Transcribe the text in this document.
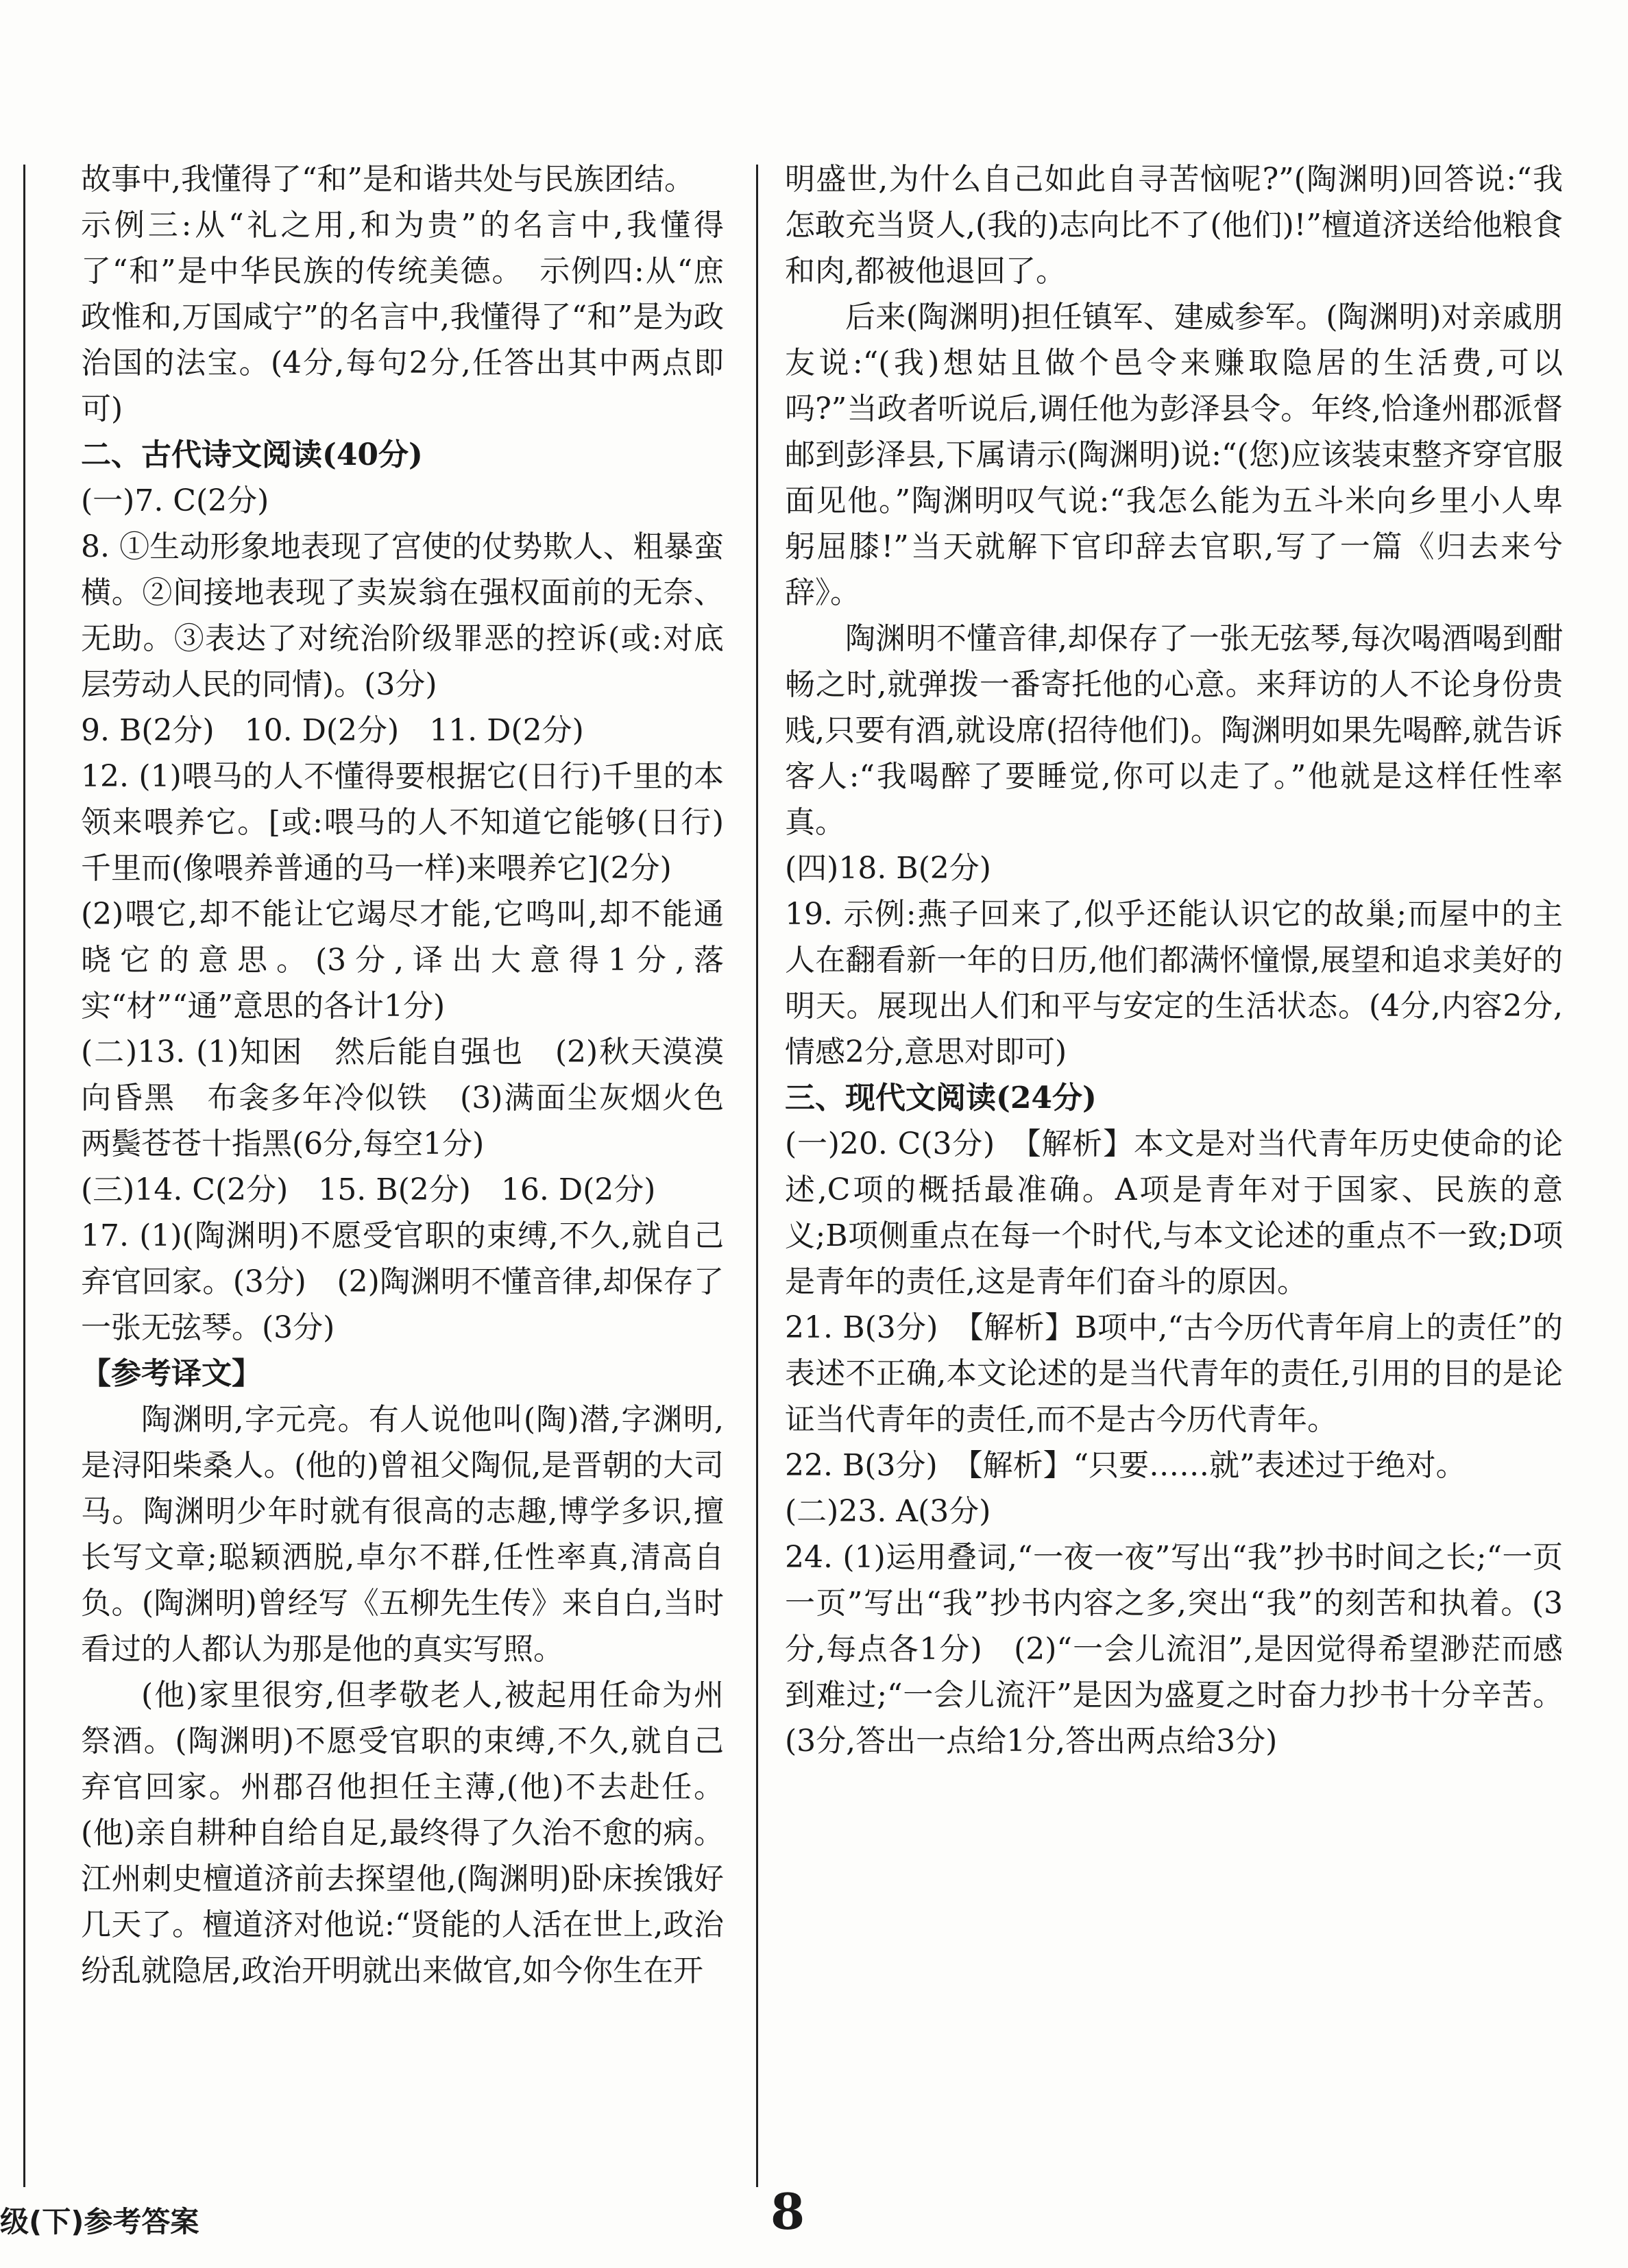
故事中,我懂得了“和”是和谐共处与民族团结。

示例三:从“礼之用,和为贵”的名言中,我懂得了“和”是中华民族的传统美德。　示例四:从“庶政惟和,万国咸宁”的名言中,我懂得了“和”是为政治国的法宝。(4分,每句2分,任答出其中两点即可)

二、古代诗文阅读(40分)

(一)7. C(2分)

8. ①生动形象地表现了宫使的仗势欺人、粗暴蛮横。②间接地表现了卖炭翁在强权面前的无奈、无助。③表达了对统治阶级罪恶的控诉(或:对底层劳动人民的同情)。(3分)

9. B(2分)　10. D(2分)　11. D(2分)

12. (1)喂马的人不懂得要根据它(日行)千里的本领来喂养它。[或:喂马的人不知道它能够(日行)千里而(像喂养普通的马一样)来喂养它](2分)

(2)喂它,却不能让它竭尽才能,它鸣叫,却不能通晓它的意思。(3分,译出大意得1分,落实“材”“通”意思的各计1分)

(二)13. (1)知困　然后能自强也　(2)秋天漠漠向昏黑　布衾多年冷似铁　(3)满面尘灰烟火色　两鬓苍苍十指黑(6分,每空1分)

(三)14. C(2分)　15. B(2分)　16. D(2分)

17. (1)(陶渊明)不愿受官职的束缚,不久,就自己弃官回家。(3分)　(2)陶渊明不懂音律,却保存了一张无弦琴。(3分)

【参考译文】

陶渊明,字元亮。有人说他叫(陶)潜,字渊明,是浔阳柴桑人。(他的)曾祖父陶侃,是晋朝的大司马。陶渊明少年时就有很高的志趣,博学多识,擅长写文章;聪颖洒脱,卓尔不群,任性率真,清高自负。(陶渊明)曾经写《五柳先生传》来自白,当时看过的人都认为那是他的真实写照。

(他)家里很穷,但孝敬老人,被起用任命为州祭酒。(陶渊明)不愿受官职的束缚,不久,就自己弃官回家。州郡召他担任主薄,(他)不去赴任。(他)亲自耕种自给自足,最终得了久治不愈的病。江州刺史檀道济前去探望他,(陶渊明)卧床挨饿好几天了。檀道济对他说:“贤能的人活在世上,政治纷乱就隐居,政治开明就出来做官,如今你生在开

明盛世,为什么自己如此自寻苦恼呢?”(陶渊明)回答说:“我怎敢充当贤人,(我的)志向比不了(他们)!”檀道济送给他粮食和肉,都被他退回了。

后来(陶渊明)担任镇军、建威参军。(陶渊明)对亲戚朋友说:“(我)想姑且做个邑令来赚取隐居的生活费,可以吗?”当政者听说后,调任他为彭泽县令。年终,恰逢州郡派督邮到彭泽县,下属请示(陶渊明)说:“(您)应该装束整齐穿官服面见他。”陶渊明叹气说:“我怎么能为五斗米向乡里小人卑躬屈膝!”当天就解下官印辞去官职,写了一篇《归去来兮辞》。

陶渊明不懂音律,却保存了一张无弦琴,每次喝酒喝到酣畅之时,就弹拨一番寄托他的心意。来拜访的人不论身份贵贱,只要有酒,就设席(招待他们)。陶渊明如果先喝醉,就告诉客人:“我喝醉了要睡觉,你可以走了。”他就是这样任性率真。

(四)18. B(2分)

19. 示例:燕子回来了,似乎还能认识它的故巢;而屋中的主人在翻看新一年的日历,他们都满怀憧憬,展望和追求美好的明天。展现出人们和平与安定的生活状态。(4分,内容2分,情感2分,意思对即可)

三、现代文阅读(24分)

(一)20. C(3分)　【解析】本文是对当代青年历史使命的论述,C项的概括最准确。A项是青年对于国家、民族的意义;B项侧重点在每一个时代,与本文论述的重点不一致;D项是青年的责任,这是青年们奋斗的原因。

21. B(3分)　【解析】B项中,“古今历代青年肩上的责任”的表述不正确,本文论述的是当代青年的责任,引用的目的是论证当代青年的责任,而不是古今历代青年。

22. B(3分)　【解析】“只要……就”表述过于绝对。

(二)23. A(3分)

24. (1)运用叠词,“一夜一夜”写出“我”抄书时间之长;“一页一页”写出“我”抄书内容之多,突出“我”的刻苦和执着。(3分,每点各1分)　(2)“一会儿流泪”,是因觉得希望渺茫而感到难过;“一会儿流汗”是因为盛夏之时奋力抄书十分辛苦。(3分,答出一点给1分,答出两点给3分)

级(下)参考答案	8
